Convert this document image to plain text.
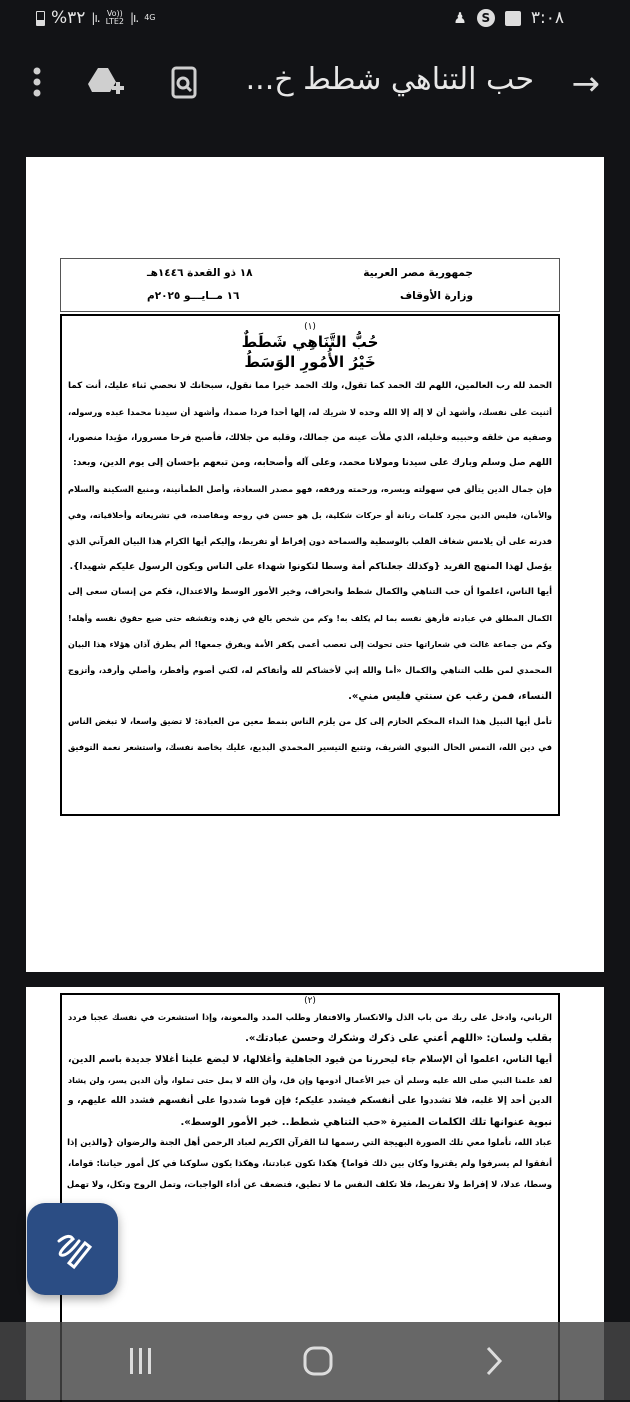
%٣٢ |ı. Vo))
LTE2 |ı. 4G	♟	S ٣:٠٨
→
حب التناهي شطط خ...
جمهورية مصر العربية
وزارة الأوقاف
١٨ ذو القعدة ١٤٤٦هـ
١٦ مــايـــو ٢٠٢٥م
(١)
حُبُّ التَّنَاهِي شَطَطٌ
خَيْرُ الأُمُورِ الوَسَطُ
الحمد لله رب العالمين، اللهم لك الحمد كما تقول، ولك الحمد خيرا مما نقول، سبحانك لا نحصي ثناء عليك، أنت كما
أثنيت على نفسك، وأشهد أن لا إله إلا الله وحده لا شريك له، إلها أحدا فردا صمدا، وأشهد أن سيدنا محمدا عبده ورسوله،
وصفيه من خلقه وحبيبه وخليله، الذي ملأت عينه من جمالك، وقلبه من جلالك، فأصبح فرحا مسرورا، مؤيدا منصورا،
اللهم صل وسلم وبارك على سيدنا ومولانا محمد، وعلى آله وأصحابه، ومن تبعهم بإحسان إلى يوم الدين، وبعد:
فإن جمال الدين يتألق في سهولته ويسره، ورحمته ورفقه، فهو مصدر السعادة، وأصل الطمأنينة، ومنبع السكينة والسلام
والأمان، فليس الدين مجرد كلمات رنانة أو حركات شكلية، بل هو حسن في روحه ومقاصده، في تشريعاته وأخلاقياته، وفي
قدرته على أن يلامس شغاف القلب بالوسطية والسماحة دون إفراط أو تفريط، وإليكم أيها الكرام هذا البيان القرآني الذي
يؤصل لهذا المنهج الفريد {وكذلك جعلناكم أمة وسطا لتكونوا شهداء على الناس ويكون الرسول عليكم شهيدا}.
أيها الناس، اعلموا أن حب التناهي والكمال شطط وانحراف، وخير الأمور الوسط والاعتدال، فكم من إنسان سعى إلى
الكمال المطلق في عبادته فأرهق نفسه بما لم يكلف به! وكم من شخص بالغ في زهده وتقشفه حتى ضيع حقوق نفسه وأهله!
وكم من جماعة غالت في شعاراتها حتى تحولت إلى تعصب أعمى يكفر الأمة ويفرق جمعها! ألم يطرق آذان هؤلاء هذا البيان
المحمدي لمن طلب التناهي والكمال «أما والله إني لأخشاكم لله وأتقاكم له، لكني أصوم وأفطر، وأصلي وأرقد، وأتزوج
النساء، فمن رغب عن سنتي فليس مني».
تأمل أيها النبيل هذا النداء المحكم الحازم إلى كل من يلزم الناس بنمط معين من العبادة: لا تضيق واسعا، لا تبغض الناس
في دين الله، التمس الحال النبوي الشريف، وتتبع التيسير المحمدي البديع، عليك بخاصة نفسك، واستشعر نعمة التوفيق
(٢)
الرباني، وادخل على ربك من باب الذل والانكسار والافتقار وطلب المدد والمعونة، وإذا استشعرت في نفسك عجبا فردد
بقلب ولسان: «اللهم أعني على ذكرك وشكرك وحسن عبادتك».
أيها الناس، اعلموا أن الإسلام جاء ليحررنا من قيود الجاهلية وأغلالها، لا ليضع علينا أغلالا جديدة باسم الدين،
لقد علمنا النبي صلى الله عليه وسلم أن خير الأعمال أدومها وإن قل، وأن الله لا يمل حتى تملوا، وأن الدين يسر، ولن يشاد
الدين أحد إلا غلبه، فلا تشددوا على أنفسكم فيشدد عليكم؛ فإن قوما شددوا على أنفسهم فشدد الله عليهم، و
نبوية عنوانها تلك الكلمات المنيرة «حب التناهي شطط.. خير الأمور الوسط».
عباد الله، تأملوا معي تلك الصورة البهيجة التي رسمها لنا القرآن الكريم لعباد الرحمن أهل الجنة والرضوان {والذين إذا
أنفقوا لم يسرفوا ولم يقتروا وكان بين ذلك قواما} هكذا تكون عبادتنا، وهكذا يكون سلوكنا في كل أمور حياتنا: قواما،
وسطا، عدلا، لا إفراط ولا تفريط، فلا تكلف النفس ما لا تطيق، فتضعف عن أداء الواجبات، وتمل الروح وتكل، ولا تهمل
